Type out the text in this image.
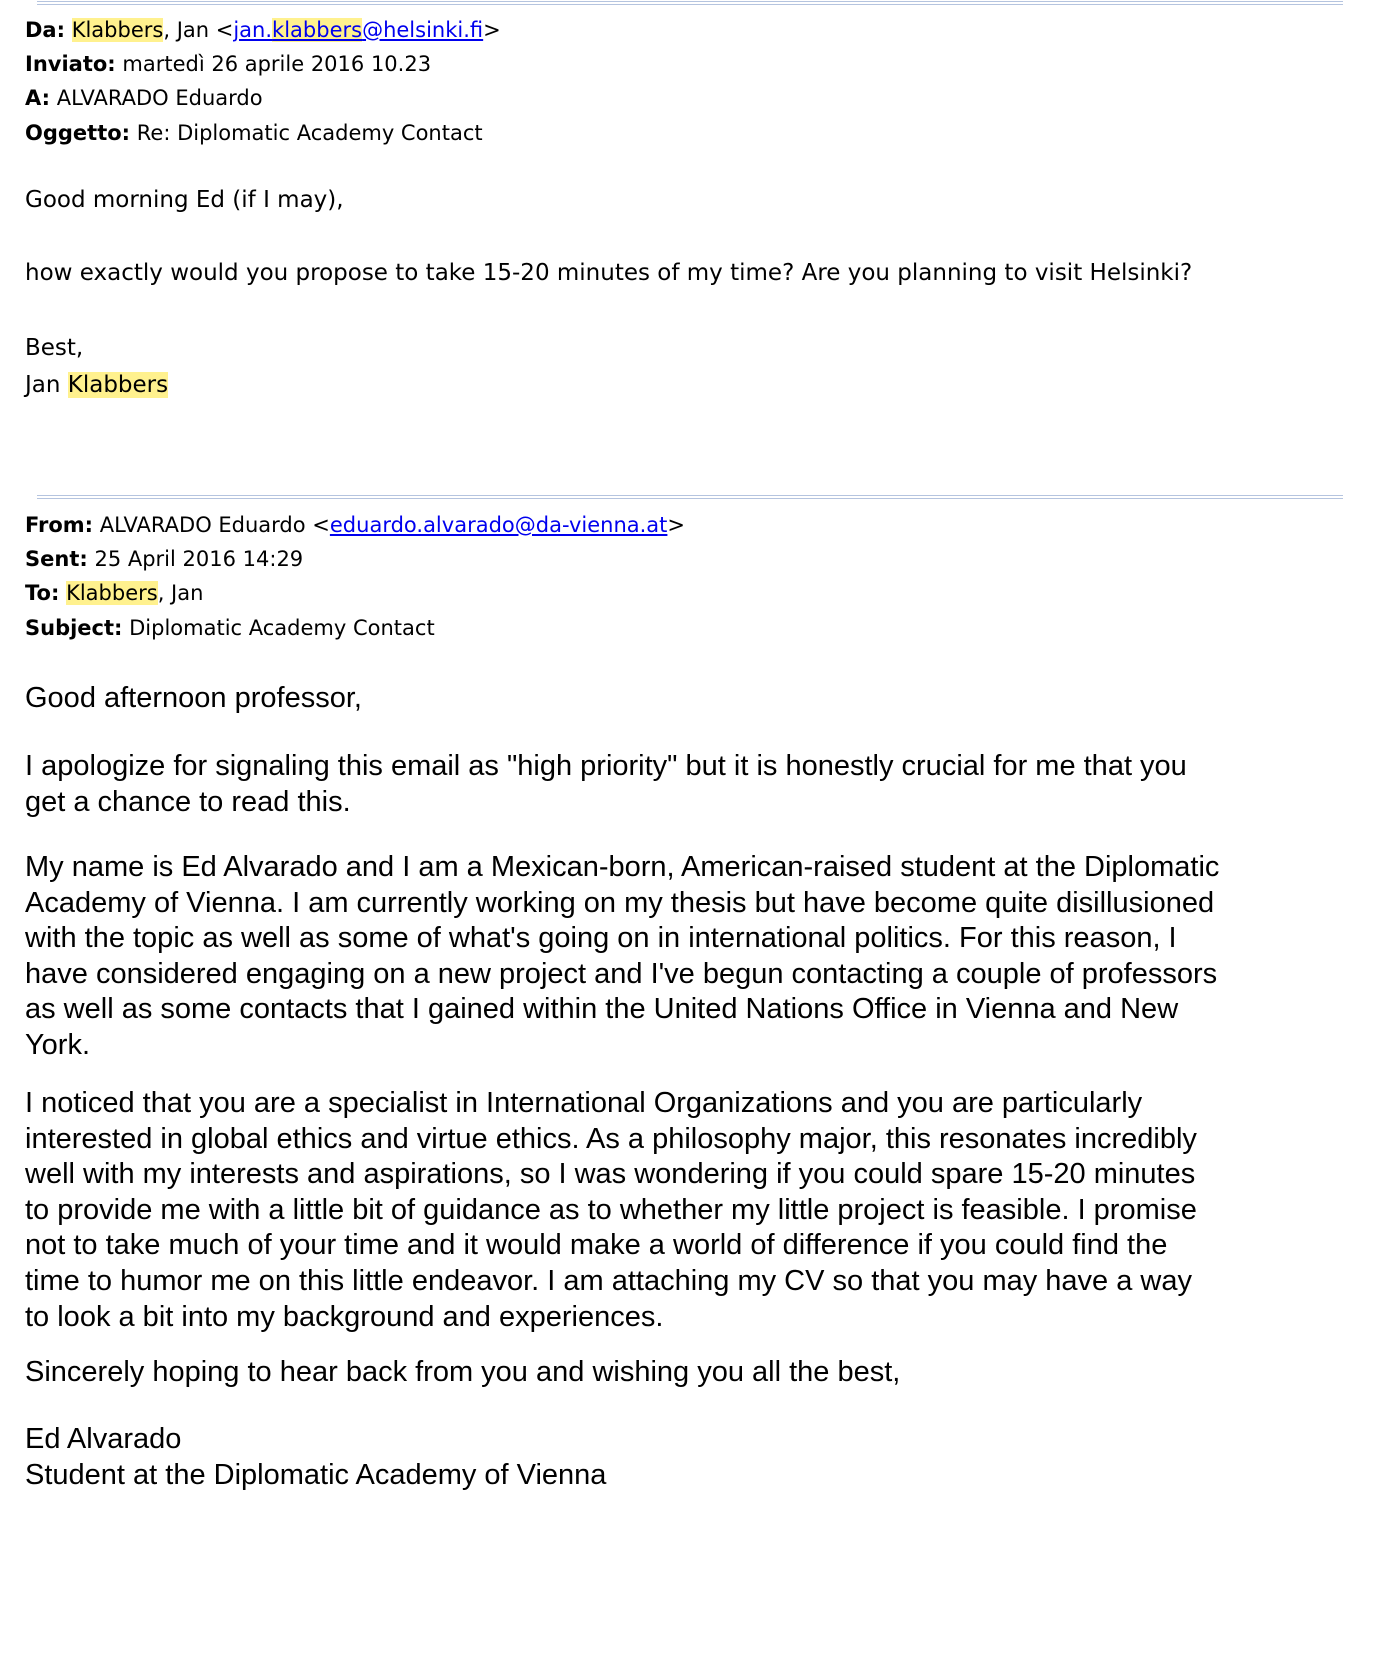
Da: Klabbers, Jan <jan.klabbers@helsinki.fi>
Inviato: martedì 26 aprile 2016 10.23
A: ALVARADO Eduardo
Oggetto: Re: Diplomatic Academy Contact
Good morning Ed (if I may),
how exactly would you propose to take 15-20 minutes of my time? Are you planning to visit Helsinki?
Best,
Jan Klabbers
From: ALVARADO Eduardo <eduardo.alvarado@da-vienna.at>
Sent: 25 April 2016 14:29
To: Klabbers, Jan
Subject: Diplomatic Academy Contact
Good afternoon professor,

I apologize for signaling this email as "high priority" but it is honestly crucial for me that you

get a chance to read this.

My name is Ed Alvarado and I am a Mexican-born, American-raised student at the Diplomatic

Academy of Vienna. I am currently working on my thesis but have become quite disillusioned

with the topic as well as some of what's going on in international politics. For this reason, I

have considered engaging on a new project and I've begun contacting a couple of professors

as well as some contacts that I gained within the United Nations Office in Vienna and New

York.

I noticed that you are a specialist in International Organizations and you are particularly

interested in global ethics and virtue ethics. As a philosophy major, this resonates incredibly

well with my interests and aspirations, so I was wondering if you could spare 15-20 minutes

to provide me with a little bit of guidance as to whether my little project is feasible. I promise

not to take much of your time and it would make a world of difference if you could find the

time to humor me on this little endeavor. I am attaching my CV so that you may have a way

to look a bit into my background and experiences.

Sincerely hoping to hear back from you and wishing you all the best,

Ed Alvarado

Student at the Diplomatic Academy of Vienna
